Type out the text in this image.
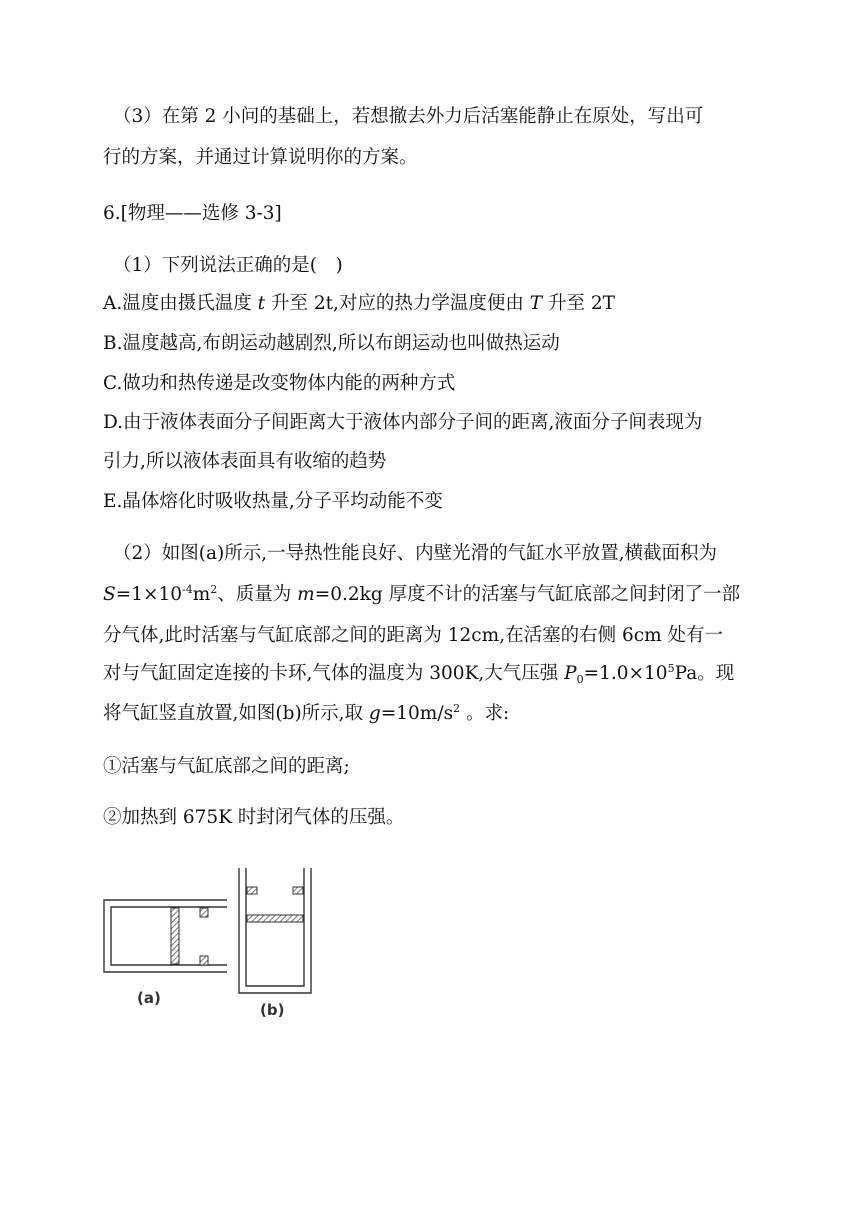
（3）在第 2 小问的基础上，若想撤去外力后活塞能静止在原处，写出可
行的方案，并通过计算说明你的方案。
6.[物理——选修 3-3]
（1）下列说法正确的是(　)
A.温度由摄氏温度 t 升至 2t,对应的热力学温度便由 T 升至 2T
B.温度越高,布朗运动越剧烈,所以布朗运动也叫做热运动
C.做功和热传递是改变物体内能的两种方式
D.由于液体表面分子间距离大于液体内部分子间的距离,液面分子间表现为
引力,所以液体表面具有收缩的趋势
E.晶体熔化时吸收热量,分子平均动能不变
（2）如图(a)所示,一导热性能良好、内壁光滑的气缸水平放置,横截面积为
$S=1\times 10^{-4}m^2$、质量为 m=0.2kg 厚度不计的活塞与气缸底部之间封闭了一部
分气体,此时活塞与气缸底部之间的距离为 12cm,在活塞的右侧 6cm 处有一
对与气缸固定连接的卡环,气体的温度为 300K,大气压强 $P_0=1.0\times 10^5Pa$。现
将气缸竖直放置,如图(b)所示,取 $g=10m/s^2$ 。求:
①活塞与气缸底部之间的距离;
②加热到 675K 时封闭气体的压强。
(a)
(b)
